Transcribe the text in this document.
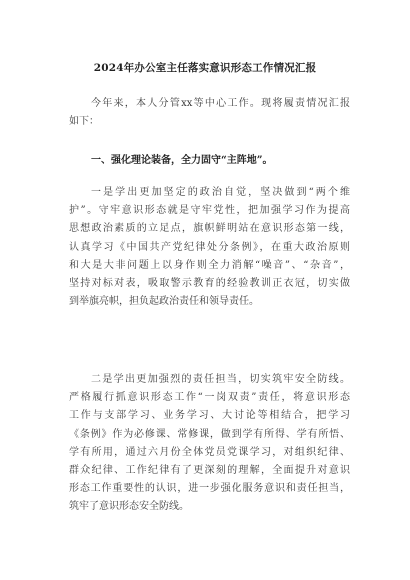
2024年办公室主任落实意识形态工作情况汇报
今年来，本人分管xx等中心工作。现将履责情况汇报
如下：
一、强化理论装备，全力固守“主阵地”。
一是学出更加坚定的政治自觉，坚决做到“两个维
护”。守牢意识形态就是守牢党性，把加强学习作为提高
思想政治素质的立足点，旗帜鲜明站在意识形态第一线，
认真学习《中国共产党纪律处分条例》，在重大政治原则
和大是大非问题上以身作则全力消解“噪音”、“杂音”，
坚持对标对表，吸取警示教育的经验教训正衣冠，切实做
到举旗亮帜，担负起政治责任和领导责任。
二是学出更加强烈的责任担当，切实筑牢安全防线。
严格履行抓意识形态工作“一岗双责”责任，将意识形态
工作与支部学习、业务学习、大讨论等相结合，把学习
《条例》作为必修课、常修课，做到学有所得、学有所悟、
学有所用，通过六月份全体党员党课学习，对组织纪律、
群众纪律、工作纪律有了更深刻的理解，全面提升对意识
形态工作重要性的认识，进一步强化服务意识和责任担当，
筑牢了意识形态安全防线。
